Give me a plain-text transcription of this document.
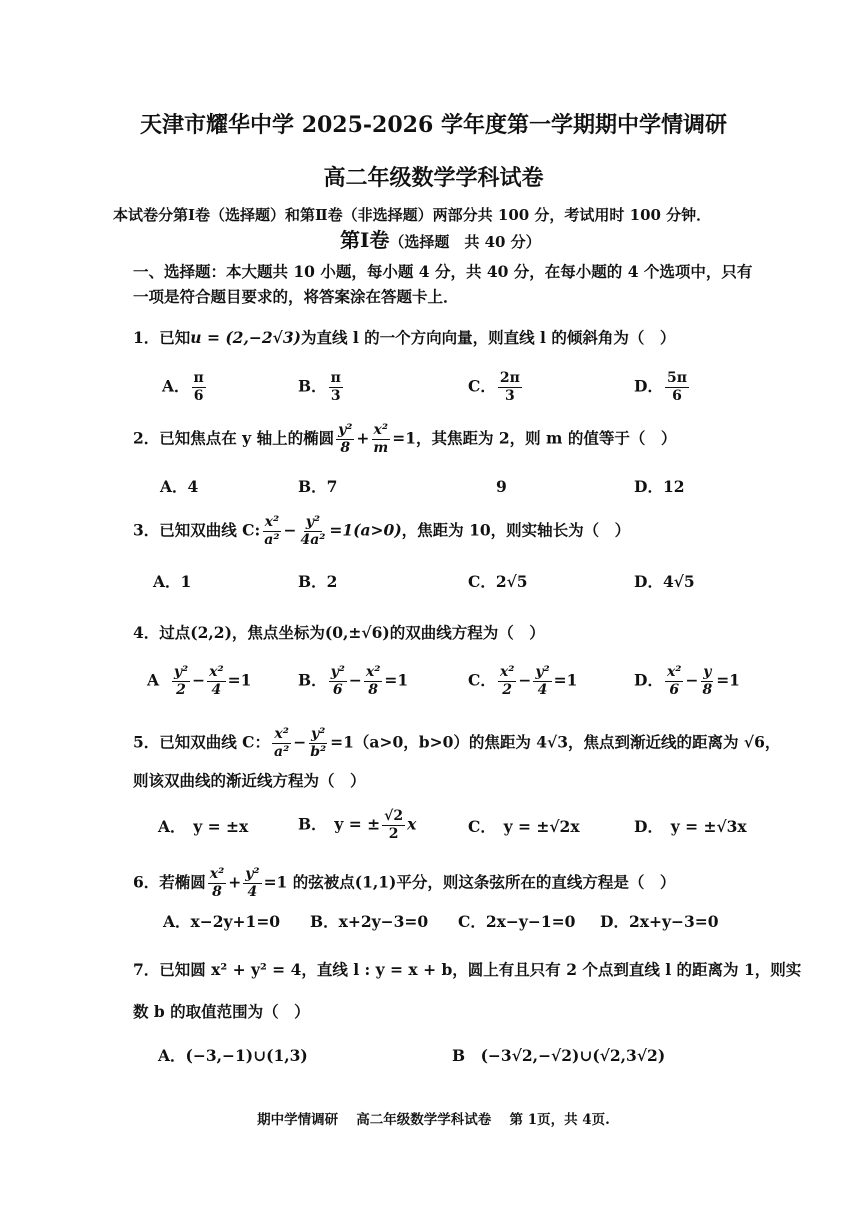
天津市耀华中学 2025-2026 学年度第一学期期中学情调研
高二年级数学学科试卷
本试卷分第Ⅰ卷（选择题）和第Ⅱ卷（非选择题）两部分共 100 分，考试用时 100 分钟．
第Ⅰ卷（选择题　共 40 分）
一、选择题：本大题共 10 小题，每小题 4 分，共 40 分，在每小题的 4 个选项中，只有
一项是符合题目要求的，将答案涂在答题卡上．
1．已知u = (2,−2√3)为直线 l 的一个方向向量，则直线 l 的倾斜角为（　）
A． $\frac{\pi}{6}$	B． $\frac{\pi}{3}$	C． $\frac{2\pi}{3}$	D． $\frac{5\pi}{6}$
2．已知焦点在 y 轴上的椭圆 $\frac{\text{y²}}{8} + \frac{\text{x²}}{m} =1$，其焦距为 2，则 m 的值等于（　）
A．4	B．7	9	D．12
3．已知双曲线 C: $\frac{\text{x²}}{\text{a²}} - \frac{\text{y²}}{\text{4a²}} =1(a>0)$，焦距为 10，则实轴长为（　）
A．1	B．2	C．2√5	D．4√5
4．过点(2,2)，焦点坐标为(0,±√6)的双曲线方程为（　）
A $\frac{\text{y²}}{2} - \frac{\text{x²}}{4} =1$	B． $\frac{\text{y²}}{6} - \frac{\text{x²}}{8} =1$	C． $\frac{\text{x²}}{2} - \frac{\text{y²}}{4} =1$	D． $\frac{\text{x²}}{6} - \frac{y}{8} =1$
5．已知双曲线 C： $\frac{\text{x²}}{\text{a²}} - \frac{\text{y²}}{\text{b²}} =1(a>0$，b>0）的焦距为 4√3，焦点到渐近线的距离为 √6，
则该双曲线的渐近线方程为（　）
A．　y = ±x	B．　y = ± $\frac{√2}{2}$ x	C．　y = ±√2x	D．　y = ±√3x
6．若椭圆 $\frac{\text{x²}}{8} + \frac{\text{y²}}{4} =1$ 的弦被点(1,1)平分，则这条弦所在的直线方程是（　）
A．x−2y+1=0 B．x+2y−3=0 C．2x−y−1=0 D．2x+y−3=0
7．已知圆 x² + y² = 4，直线 l : y = x + b，圆上有且只有 2 个点到直线 l 的距离为 1，则实
数 b 的取值范围为（　）
A．(−3,−1)∪(1,3)	B　(−3√2,−√2)∪(√2,3√2)
期中学情调研　 高二年级数学学科试卷　 第 1页，共 4页.
